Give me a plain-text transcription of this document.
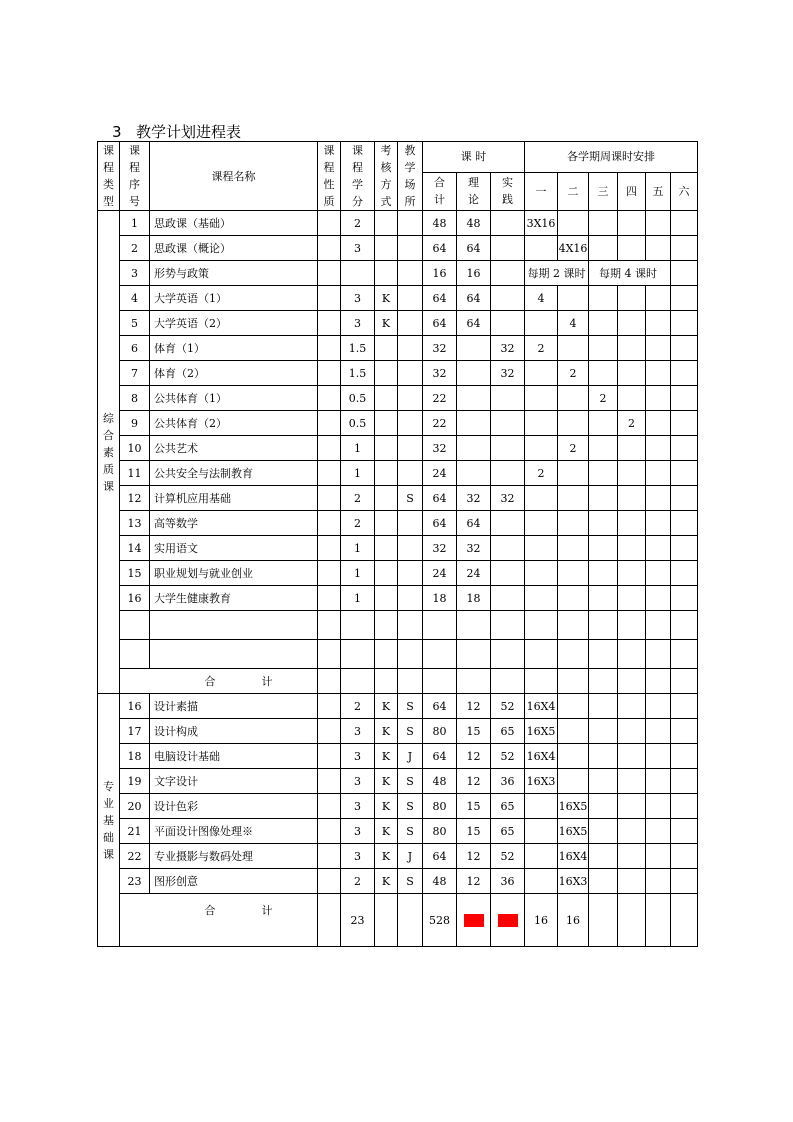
3 教学计划进程表
课程类型	课程序号	课程名称	课程性质	课程学分	考核方式	教学场所	课 时			各学期周课时安排					
							合计	理论	实践	一	二	三	四	五	六
综合素质课	1	思政课（基础）		2			48	48		3X16					
	2	思政课（概论）		3			64	64			4X16				
	3	形势与政策					16	16		每期 2 课时		每期 4 课时			
	4	大学英语（1）		3	K		64	64		4					
	5	大学英语（2）		3	K		64	64			4				
	6	体育（1）		1.5			32		32	2					
	7	体育（2）		1.5			32		32		2				
	8	公共体育（1）		0.5			22					2			
	9	公共体育（2）		0.5			22						2		
	10	公共艺术		1			32				2				
	11	公共安全与法制教育		1			24			2					
	12	计算机应用基础		2		S	64	32	32						
	13	高等数学		2			64	64							
	14	实用语文		1			32	32							
	15	职业规划与就业创业		1			24	24							
	16	大学生健康教育		1			18	18							

	合 计														
专业基础课	16	设计素描		2	K	S	64	12	52	16X4					
	17	设计构成		3	K	S	80	15	65	16X5					
	18	电脑设计基础		3	K	J	64	12	52	16X4					
	19	文字设计		3	K	S	48	12	36	16X3					
	20	设计色彩		3	K	S	80	15	65		16X5				
	21	平面设计图像处理※		3	K	S	80	15	65		16X5				
	22	专业摄影与数码处理		3	K	J	64	12	52		16X4				
	23	图形创意		2	K	S	48	12	36		16X3				

	合 计			23			528			16	16				
